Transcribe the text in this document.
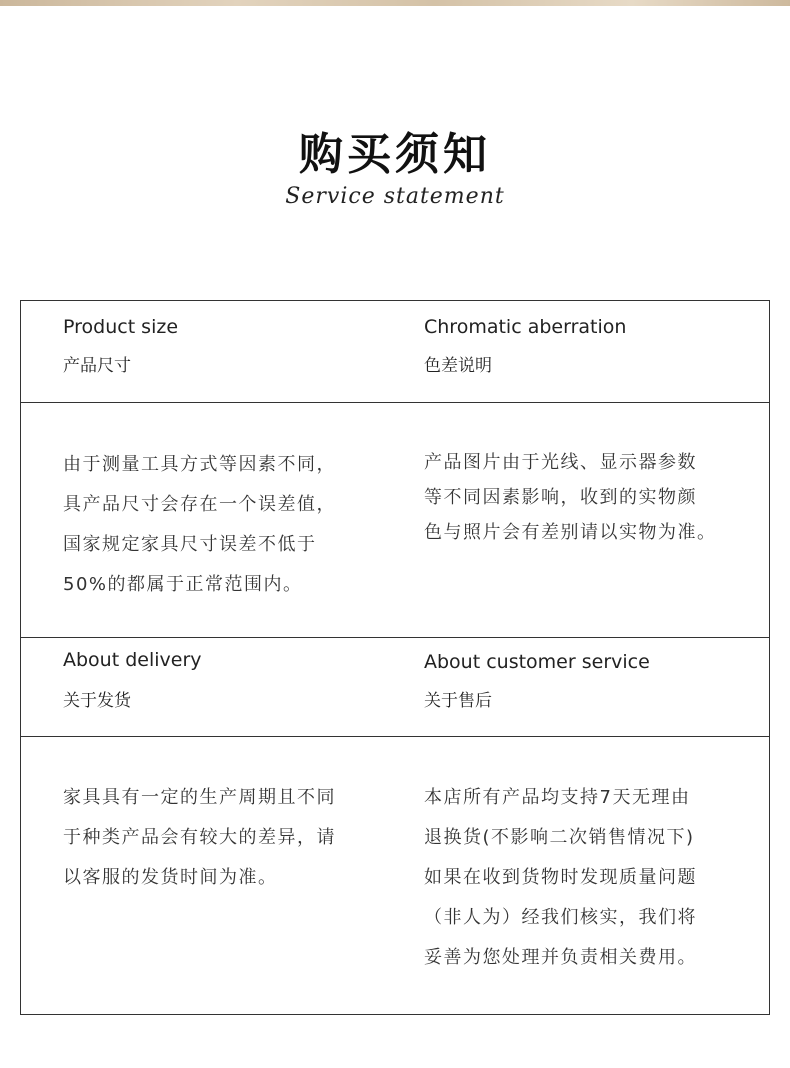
购买须知
Service statement
Product size
产品尺寸
Chromatic aberration
色差说明
由于测量工具方式等因素不同，
具产品尺寸会存在一个误差值，
国家规定家具尺寸误差不低于
50%的都属于正常范围内。
产品图片由于光线、显示器参数
等不同因素影响，收到的实物颜
色与照片会有差别请以实物为准。
About delivery
关于发货
About customer service
关于售后
家具具有一定的生产周期且不同
于种类产品会有较大的差异，请
以客服的发货时间为准。
本店所有产品均支持7天无理由
退换货(不影响二次销售情况下)
如果在收到货物时发现质量问题
（非人为）经我们核实，我们将
妥善为您处理并负责相关费用。
